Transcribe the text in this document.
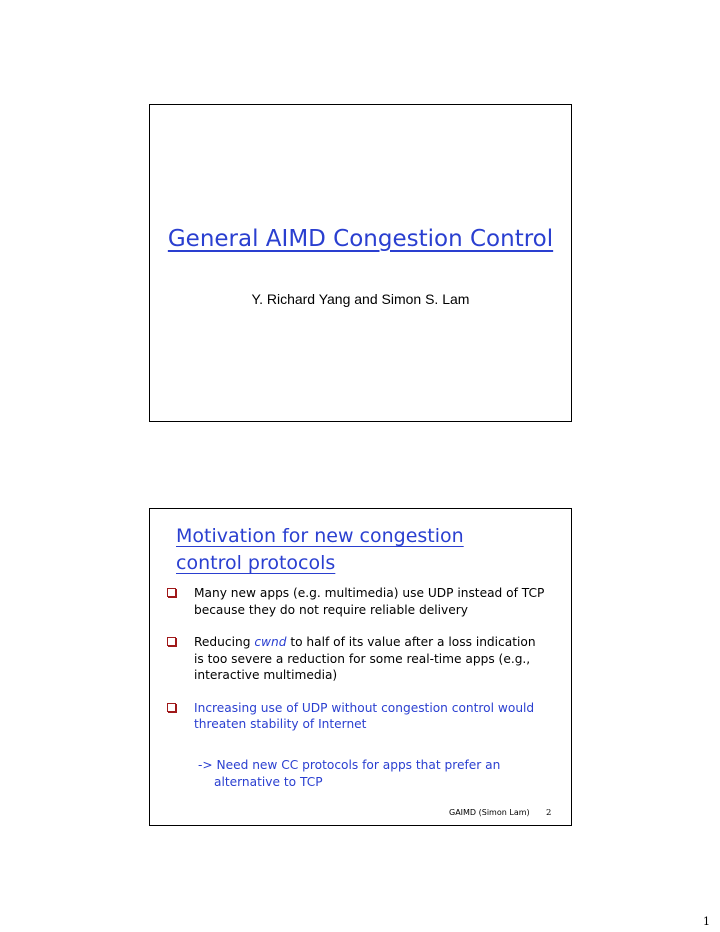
General AIMD Congestion Control
Y. Richard Yang and Simon S. Lam
Motivation for new congestion control protocols
Many new apps (e.g. multimedia) use UDP instead of TCP because they do not require reliable delivery
Reducing cwnd to half of its value after a loss indication is too severe a reduction for some real-time apps (e.g., interactive multimedia)
Increasing use of UDP without congestion control would threaten stability of Internet
-> Need new CC protocols for apps that prefer an alternative to TCP
GAIMD (Simon Lam) 2
1
